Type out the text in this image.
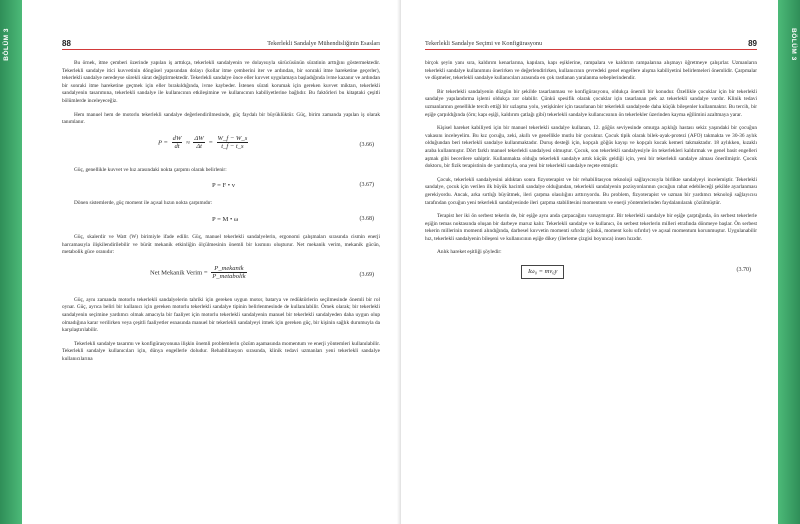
BÖLÜM 3	88	Tekerlekli Sandalye Mühendisliğinin Esasları

Bu örnek, itme çemberi üzerinde yapılan iş arttıkça, tekerlekli sandalyenin ve dolayısıyla sürücüsünün süratinin arttığını göstermektedir. Tekerlekli sandalye itici kuvvetinin döngüsel yapısından dolayı (kollar itme çemberini iter ve ardından, bir sonraki itme hareketine geçerler), tekerlekli sandalye neredeyse sürekli sürat değiştirmektedir. Tekerlekli sandalye önce eller kuvvet uygulamaya başladığında ivme kazanır ve ardından bir sonraki itme hareketine geçmek için eller bırakıldığında, ivme kaybeder. İstenen sürati korumak için gereken kuvvet miktarı, tekerlekli sandalyenin tasarımına, tekerlekli sandalye ile kullanıcının etkileşimine ve kullanıcının kabiliyetlerine bağlıdır. Bu faktörleri bu kitaptaki çeşitli bölümlerde inceleyeceğiz.

Hem manuel hem de motorlu tekerlekli sandalye değerlendirilmesinde, güç faydalı bir büyüklüktür. Güç, birim zamanda yapılan iş olarak tanımlanır.

$P = \frac{dW}{dt} \approx \frac{\Delta W}{\Delta t} = \frac{W\_f - W\_s}{t\_f - t\_s}$	(3.66)

Güç, genellikle kuvvet ve hız arasındaki nokta çarpımı olarak belirlenir:

P = F • v	(3.67)

Dönen sistemlerde, güç moment ile açısal hızın nokta çarpımıdır:

P = M • ω	(3.68)

Güç, skalerdir ve Watt (W) birimiyle ifade edilir. Güç, manuel tekerlekli sandalyelerin, ergonomi çalışmaları sırasında cismin enerji harcamasıyla ilişkilendirilebilir ve bürüt mekanik etkinliğin ölçülmesinin önemli bir kısmını oluşturur. Net mekanik verim, mekanik gücün, metabolik güce oranıdır:

Net Mekanik Verim = $\frac{\text{P\_mekanik}}{\text{P\_metabolik}}$	(3.69)

Güç, aynı zamanda motorlu tekerlekli sandalyelerin tahriki için gereken uygun motor, batarya ve redüktörlerin seçilmesinde önemli bir rol oynar. Güç, ayrıca beliri bir kullanıcı için gereken motorlu tekerlekli sandalye tipinin belirlenmesinde de kullanılabilir. Örnek olarak; bir tekerlekli sandalyenin seçimine yardımcı olmak amacıyla bir faaliyet için motorlu tekerlekli sandalyenin manuel bir tekerlekli sandalyeden daha uygun olup olmadığına karar verilirken veya çeşitli faaliyetler esnasında manuel bir tekerlekli sandalyeyi itmek için gereken güç, bir kişinin sağlık durumuyla da karşılaştırılabilir.

Tekerlekli sandalye tasarımı ve konfigürasyonuna ilişkin önemli problemlerin çözüm aşamasında momentum ve enerji yöntemleri kullanılabilir. Tekerlekli sandalye kullanıcıları için, dünya engellerle doludur. Rehabilitasyon sırasında, klinik tedavi uzmanları yeni tekerlekli sandalye kullanıcılarına

Tekerlekli Sandalye Seçimi ve Konfigürasyonu	89

birçok şeyin yanı sıra, kaldırım kenarlarına, kapılara, kapı eşiklerine, rampalara ve kaldırım rampalarına alışmayı öğretmeye çalışırlar. Uzmanların tekerlekli sandalye kullanımını önerirken ve değerlendirirken, kullanıcının çevredeki genel engellere alışma kabiliyetini belirlemeleri önemlidir. Çarpmalar ve düşmeler, tekerlekli sandalye kullanıcıları arasında en çok rastlanan yaralanma sebeplerindendir.

Bir tekerlekli sandalyenin düzgün bir şekilde tasarlanması ve konfigürasyonu, oldukça önemli bir konudur. Özellikle çocuklar için bir tekerlekli sandalye yapılandırma işlemi oldukça zor olabilir. Çünkü spesifik olarak çocuklar için tasarlanan pek az tekerlekli sandalye vardır. Klinik tedavi uzmanlarının genellikle tercih ettiği bir uzlaşma yolu, yetişkinler için tasarlanan bir tekerlekli sandalyede daha küçük bileşenler kullanmaktır. Bu tercih, bir eşiğe çarpıldığında (örn; kapı eşiği, kaldırım çatlağı gibi) tekerlekli sandalye kullanıcısının ön tekerlekler üzerinden kayma eğilimini azaltmaya yarar.

Kişisel hareket kabiliyeti için bir manuel tekerlekli sandalye kullanan, 12. göğüs seviyesinde omurga açıklığı hastası sekiz yaşındaki bir çocuğun vakasını inceleyelim. Bu kız çocuğu, zeki, akıllı ve genellikle mutlu bir çocuktur. Çocuk tipik olarak bilek-ayak-protezi (AFO) takmakta ve 30-36 aylık olduğundan beri tekerlekli sandalye kullanmaktadır. Duruş desteği için, kopçalı göğüs kayışı ve kopçalı kucak kemeri takmaktadır. 18 aylıkken, kızaklı araba kullanmıştır. Dört farklı manuel tekerlekli sandalyesi olmuştur. Çocuk, son tekerlekli sandalyesiyle ön tekerlekleri kaldırmak ve genel basit engelleri aşmak gibi becerilere sahiptir. Kullanmakta olduğu tekerlekli sandalye artık küçük geldiği için, yeni bir tekerlekli sandalye alması önerilmiştir. Çocuk doktoru, bir fizik terapistinin de yardımıyla, ona yeni bir tekerlekli sandalye reçete etmiştir.

Çocuk, tekerlekli sandalyesini aldıktan sonra fizyoterapist ve bir rehabilitasyon teknoloji sağlayıcısıyla birlikte sandalyeyi incelemiştir. Tekerlekli sandalye, çocuk için verilen ilk büyük hacimli sandalye olduğundan, tekerlekli sandalyenin pozisyonlarının çocuğun rahat edebileceği şekilde ayarlanması gerekiyordu. Ancak, arka sırtlığı büyütmek, ileri çarpma olasılığını arttırıyordu. Bu problem, fizyoterapist ve uzman bir yardımcı teknoloji sağlayıcısı tarafından çocuğun yeni tekerlekli sandalyesinde ileri çarpma stabilitesini momentum ve enerji yöntemlerinden faydalanılarak çözülmüştür.

Terapist her iki ön serbest tekerin de, bir eşiğe aynı anda çarpacağını varsaymıştır. Bir tekerlekli sandalye bir eşiğe çarptığında, ön serbest tekerlerle eşiğin temas noktasında oluşan bir darbeye maruz kalır. Tekerlekli sandalye ve kullanıcı, ön serbest tekerlerin milleri etrafında dönmeye başlar. Ön serbest tekerin millerinin momenti alındığında, darbesel kuvvetin momenti sıfırdır (çünkü, moment kolu sıfırdır) ve açısal momentum korunmuştur. Uygulanabilir hız, tekerlekli sandalyenin bileşeni ve kullanıcının eşiğe dikey (ilerleme çizgisi boyunca) insen hızıdır.

Anlık hareket eşitliği şöyledir:

Iω₀ = mv₀y	(3.70)
BÖLÜM 3
